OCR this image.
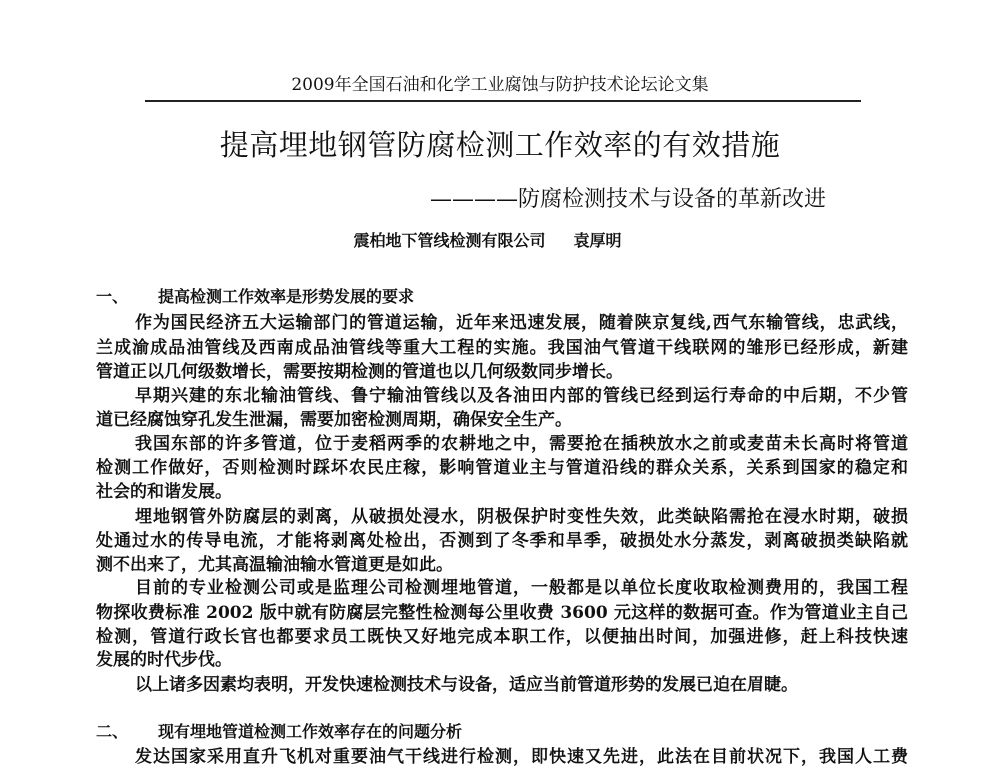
2009年全国石油和化学工业腐蚀与防护技术论坛论文集
提高埋地钢管防腐检测工作效率的有效措施
————防腐检测技术与设备的革新改进
震柏地下管线检测有限公司 袁厚明
一、 提高检测工作效率是形势发展的要求
作为国民经济五大运输部门的管道运输，近年来迅速发展，随着陕京复线,西气东输管线，忠武线，
兰成渝成品油管线及西南成品油管线等重大工程的实施。我国油气管道干线联网的雏形已经形成，新建
管道正以几何级数增长，需要按期检测的管道也以几何级数同步增长。
早期兴建的东北输油管线、鲁宁输油管线以及各油田内部的管线已经到运行寿命的中后期，不少管
道已经腐蚀穿孔发生泄漏，需要加密检测周期，确保安全生产。
我国东部的许多管道，位于麦稻两季的农耕地之中，需要抢在插秧放水之前或麦苗未长高时将管道
检测工作做好，否则检测时踩坏农民庄稼，影响管道业主与管道沿线的群众关系，关系到国家的稳定和
社会的和谐发展。
埋地钢管外防腐层的剥离，从破损处浸水，阴极保护时变性失效，此类缺陷需抢在浸水时期，破损
处通过水的传导电流，才能将剥离处检出，否测到了冬季和旱季，破损处水分蒸发，剥离破损类缺陷就
测不出来了，尤其高温输油输水管道更是如此。
目前的专业检测公司或是监理公司检测埋地管道，一般都是以单位长度收取检测费用的，我国工程
物探收费标准 2002 版中就有防腐层完整性检测每公里收费 3600 元这样的数据可查。作为管道业主自己
检测，管道行政长官也都要求员工既快又好地完成本职工作，以便抽出时间，加强进修，赶上科技快速
发展的时代步伐。
以上诸多因素均表明，开发快速检测技术与设备，适应当前管道形势的发展已迫在眉睫。
二、 现有埋地管道检测工作效率存在的问题分析
发达国家采用直升飞机对重要油气干线进行检测，即快速又先进，此法在目前状况下，我国人工费
